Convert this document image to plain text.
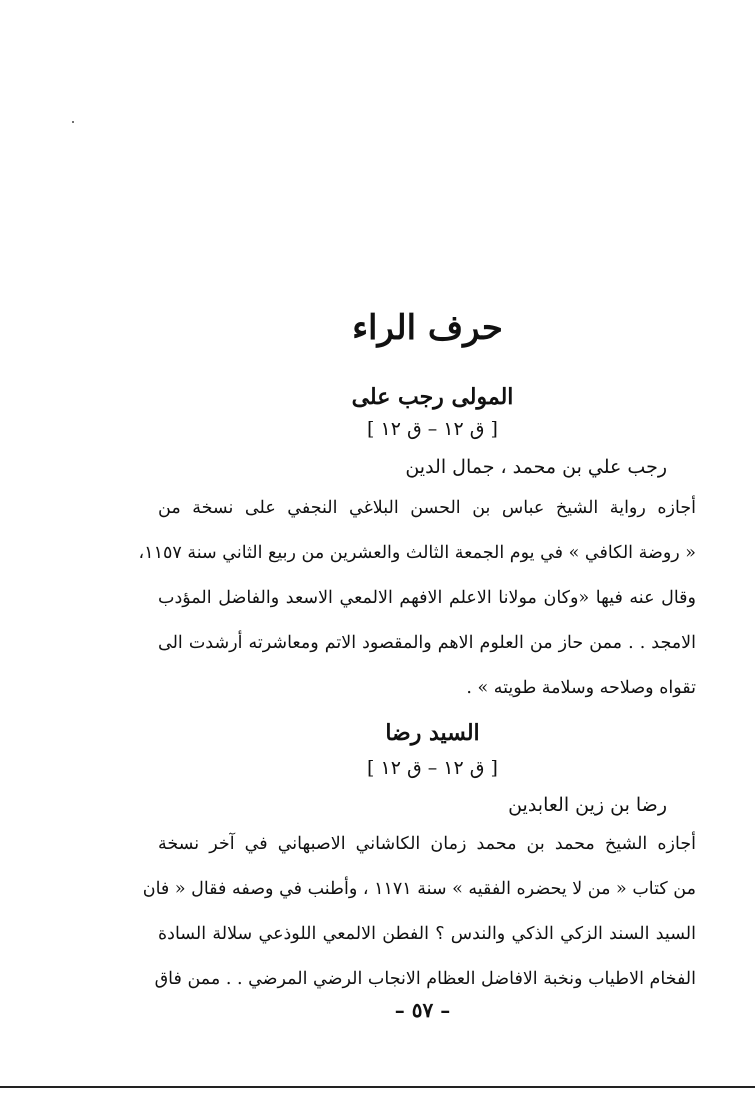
حرف الراء
المولى رجب على
[ ق ١٢ – ق ١٢ ]
رجب علي بن محمد ، جمال الدين
أجازه رواية الشيخ عباس بن الحسن البلاغي النجفي على نسخة من
« روضة الكافي » في يوم الجمعة الثالث والعشرين من ربيع الثاني سنة ١١٥٧،
وقال عنه فيها «وكان مولانا الاعلم الافهم الالمعي الاسعد والفاضل المؤدب
الامجد . . ممن حاز من العلوم الاهم والمقصود الاتم ومعاشرته أرشدت الى
تقواه وصلاحه وسلامة طويته » .
السيد رضا
[ ق ١٢ – ق ١٢ ]
رضا بن زين العابدين
أجازه الشيخ محمد بن محمد زمان الكاشاني الاصبهاني في آخر نسخة
من كتاب « من لا يحضره الفقيه » سنة ١١٧١ ، وأطنب في وصفه فقال « فان
السيد السند الزكي الذكي والندس ؟ الفطن الالمعي اللوذعي سلالة السادة
الفخام الاطياب ونخبة الافاضل العظام الانجاب الرضي المرضي . . ممن فاق
– ٥٧ –
